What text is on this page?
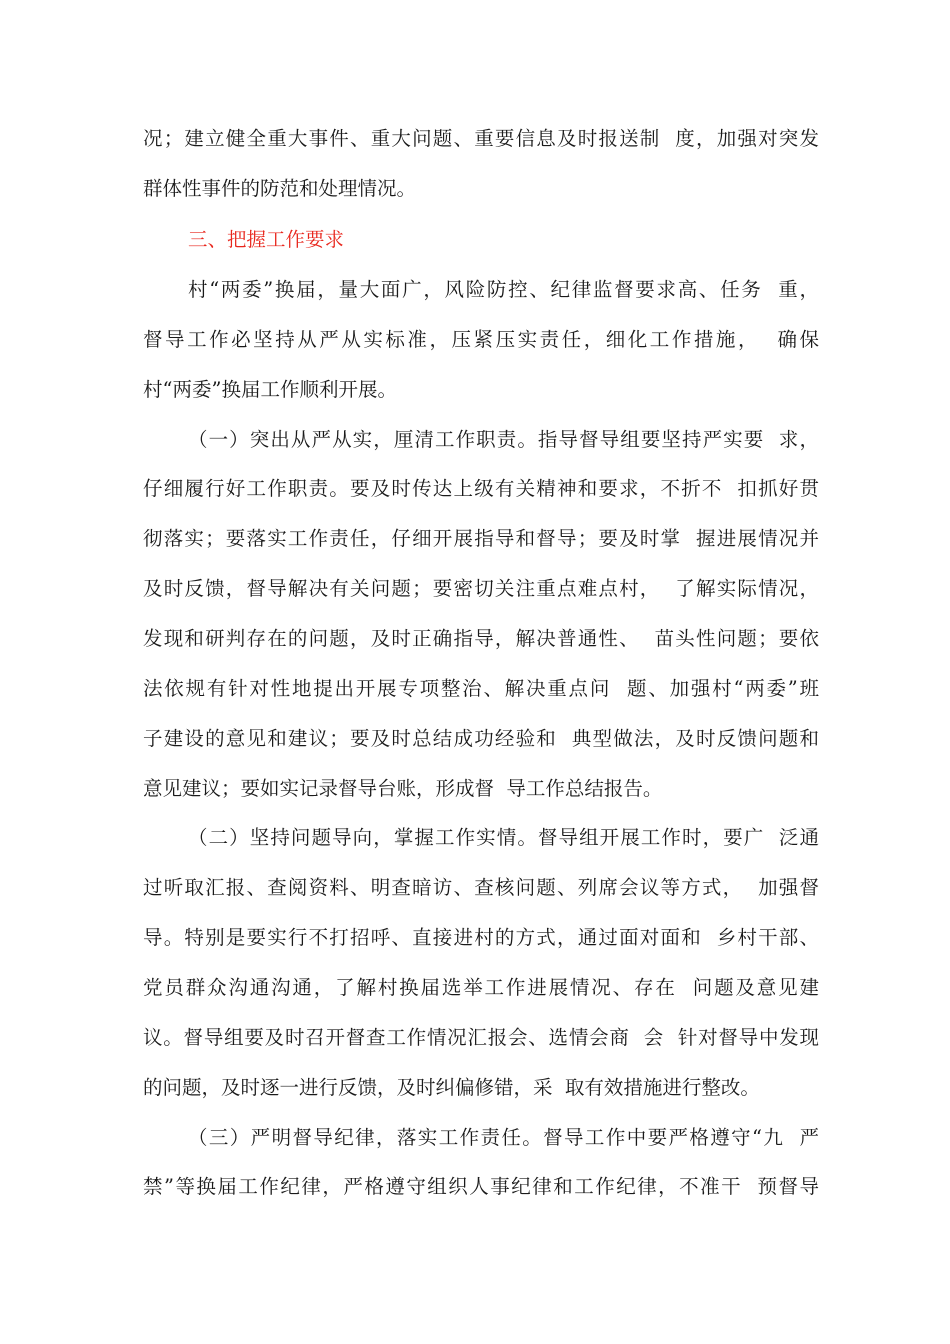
况；建立健全重大事件、重大问题、重要信息及时报送制  度，加强对突发
群体性事件的防范和处理情况。
三、把握工作要求
村“两委”换届，量大面广，风险防控、纪律监督要求高、任务  重，
督导工作必坚持从严从实标准，压紧压实责任，细化工作措施，  确保
村“两委”换届工作顺利开展。
（一）突出从严从实，厘清工作职责。指导督导组要坚持严实要  求，
仔细履行好工作职责。要及时传达上级有关精神和要求，不折不  扣抓好贯
彻落实；要落实工作责任，仔细开展指导和督导；要及时掌  握进展情况并
及时反馈，督导解决有关问题；要密切关注重点难点村，  了解实际情况，
发现和研判存在的问题，及时正确指导，解决普通性、  苗头性问题；要依
法依规有针对性地提出开展专项整治、解决重点问  题、加强村“两委”班
子建设的意见和建议；要及时总结成功经验和  典型做法，及时反馈问题和
意见建议；要如实记录督导台账，形成督  导工作总结报告。
（二）坚持问题导向，掌握工作实情。督导组开展工作时，要广  泛通
过听取汇报、查阅资料、明查暗访、查核问题、列席会议等方式，  加强督
导。特别是要实行不打招呼、直接进村的方式，通过面对面和  乡村干部、
党员群众沟通沟通，了解村换届选举工作进展情况、存在  问题及意见建
议。督导组要及时召开督查工作情况汇报会、选情会商  会  针对督导中发现
的问题，及时逐一进行反馈，及时纠偏修错，采  取有效措施进行整改。
（三）严明督导纪律，落实工作责任。督导工作中要严格遵守“九  严
禁”等换届工作纪律，严格遵守组织人事纪律和工作纪律，不准干  预督导
